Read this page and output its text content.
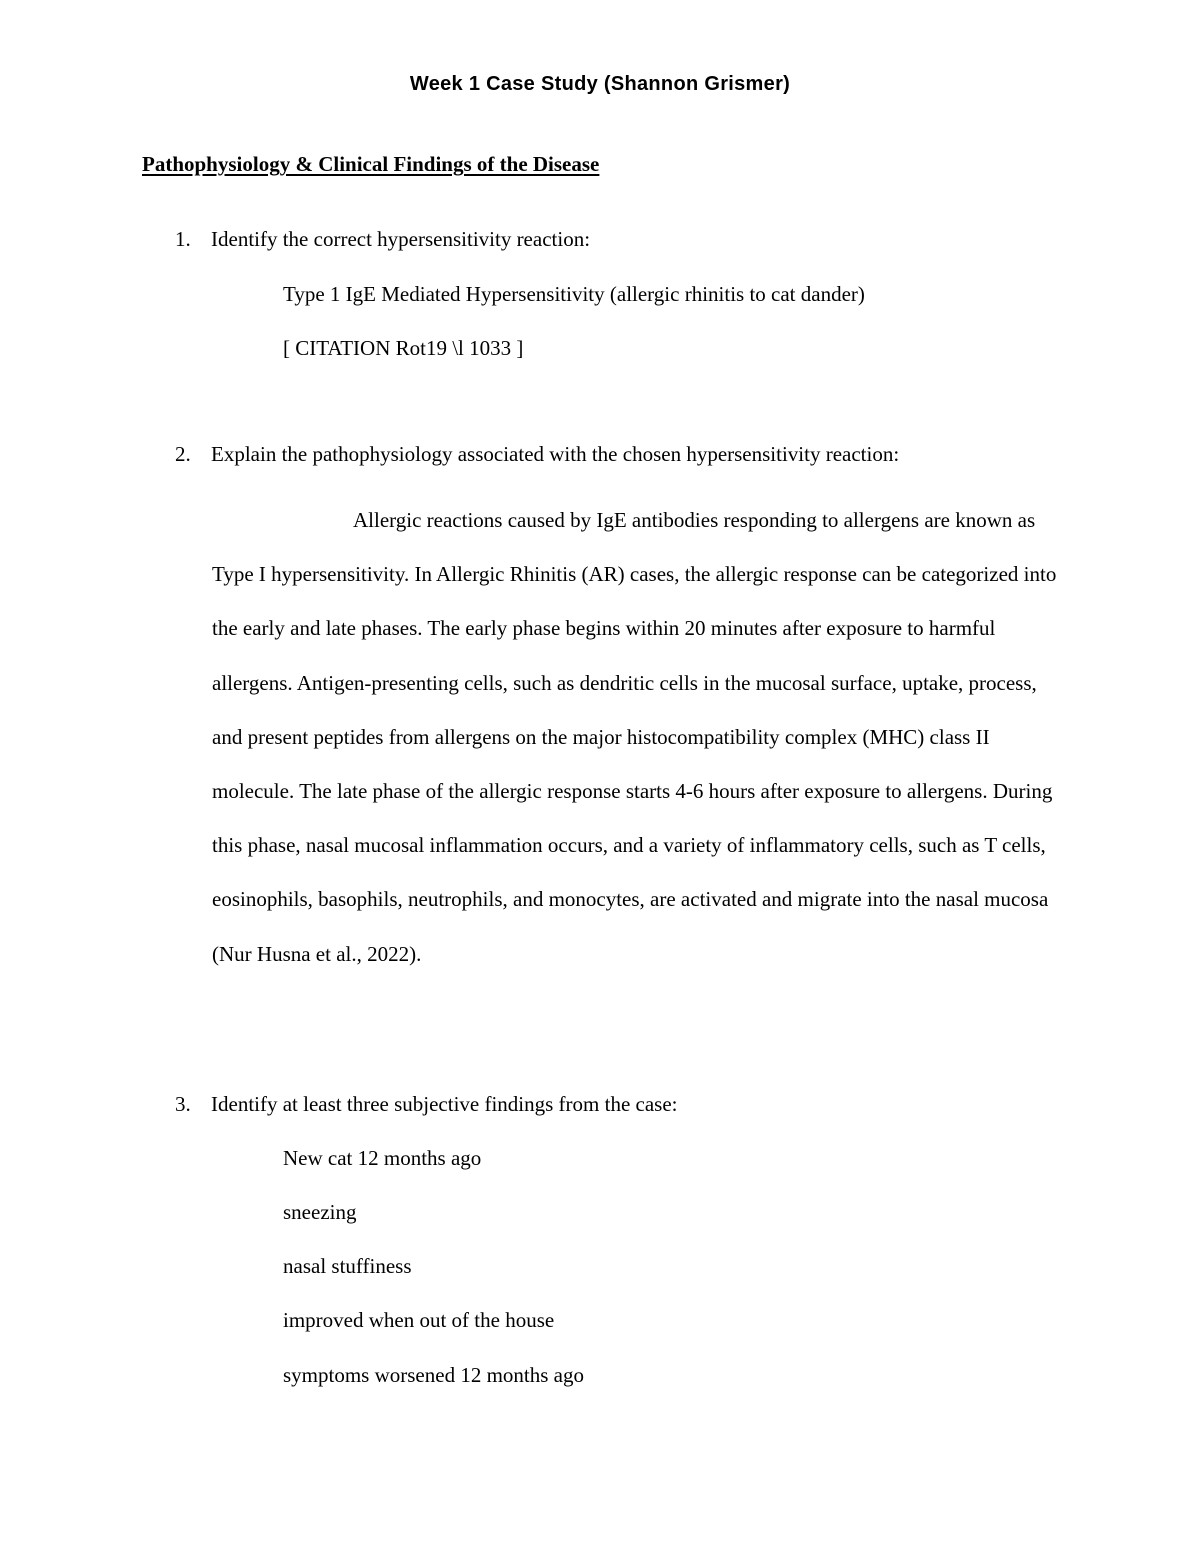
Week 1 Case Study (Shannon Grismer)
Pathophysiology & Clinical Findings of the Disease
1. Identify the correct hypersensitivity reaction:
Type 1 IgE Mediated Hypersensitivity (allergic rhinitis to cat dander)
[ CITATION Rot19 \l 1033 ]
2. Explain the pathophysiology associated with the chosen hypersensitivity reaction:

Allergic reactions caused by IgE antibodies responding to allergens are known as Type I hypersensitivity. In Allergic Rhinitis (AR) cases, the allergic response can be categorized into the early and late phases. The early phase begins within 20 minutes after exposure to harmful allergens. Antigen-presenting cells, such as dendritic cells in the mucosal surface, uptake, process, and present peptides from allergens on the major histocompatibility complex (MHC) class II molecule. The late phase of the allergic response starts 4-6 hours after exposure to allergens. During this phase, nasal mucosal inflammation occurs, and a variety of inflammatory cells, such as T cells, eosinophils, basophils, neutrophils, and monocytes, are activated and migrate into the nasal mucosa (Nur Husna et al., 2022).

3. Identify at least three subjective findings from the case:
New cat 12 months ago
sneezing
nasal stuffiness
improved when out of the house
symptoms worsened 12 months ago
